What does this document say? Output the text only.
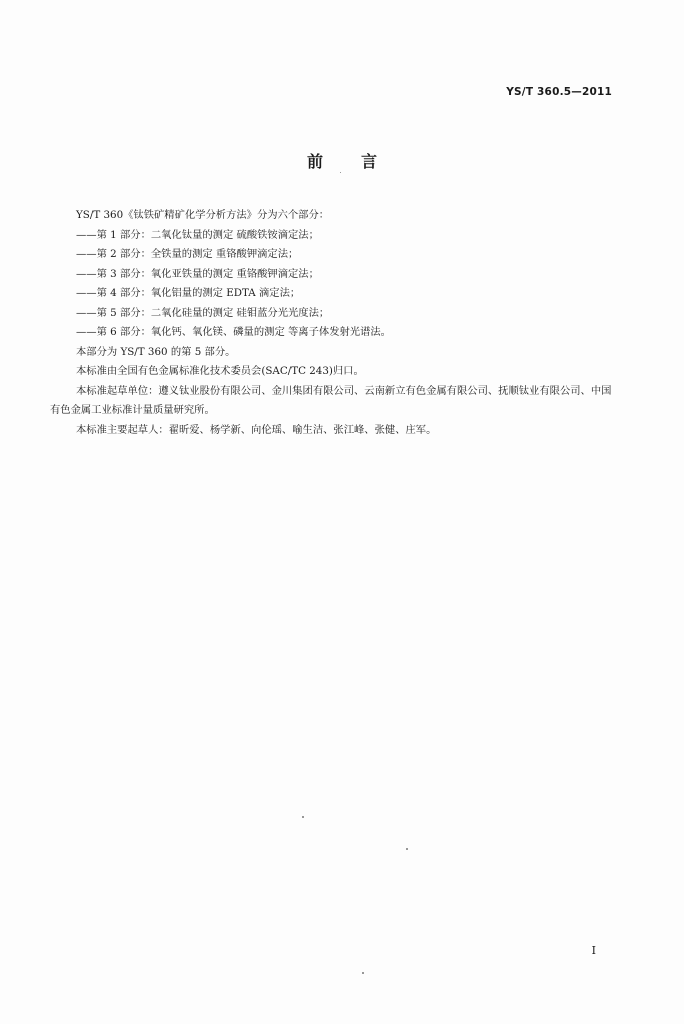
YS/T 360.5—2011
前言

YS/T 360《钛铁矿精矿化学分析方法》分为六个部分：

——第 1 部分：二氧化钛量的测定 硫酸铁铵滴定法；

——第 2 部分：全铁量的测定 重铬酸钾滴定法；

——第 3 部分：氧化亚铁量的测定 重铬酸钾滴定法；

——第 4 部分：氧化铝量的测定 EDTA 滴定法；

——第 5 部分：二氧化硅量的测定 硅钼蓝分光光度法；

——第 6 部分：氧化钙、氧化镁、磷量的测定 等离子体发射光谱法。

本部分为 YS/T 360 的第 5 部分。

本标准由全国有色金属标准化技术委员会(SAC/TC 243)归口。

本标准起草单位：遵义钛业股份有限公司、金川集团有限公司、云南新立有色金属有限公司、抚顺钛业有限公司、中国有色金属工业标准计量质量研究所。

本标准主要起草人：翟昕爱、杨学新、向伦瑶、喻生洁、张江峰、张健、庄军。

I
